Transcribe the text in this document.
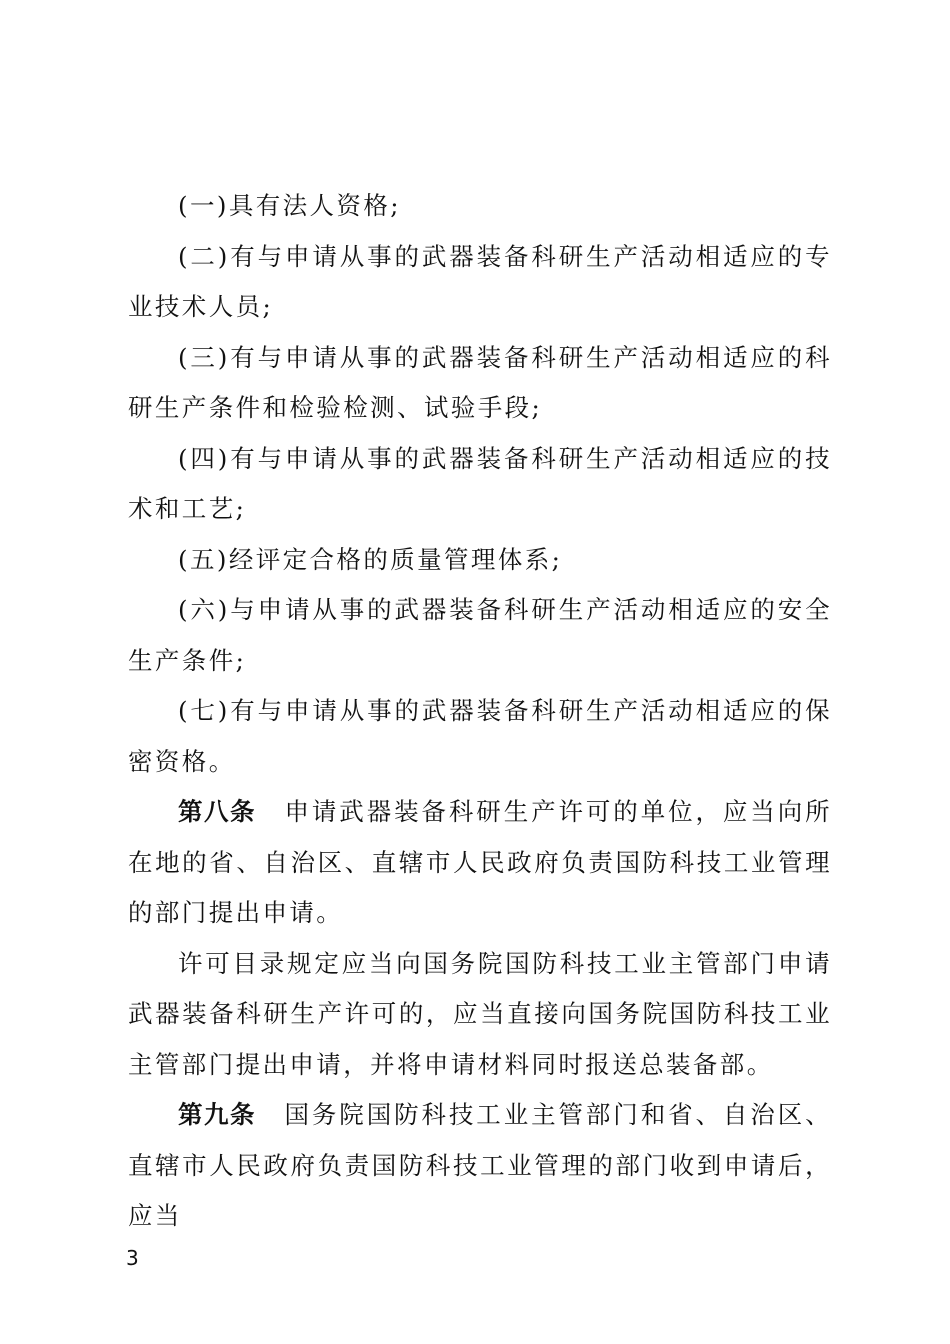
(一)具有法人资格;

(二)有与申请从事的武器装备科研生产活动相适应的专业技术人员;

(三)有与申请从事的武器装备科研生产活动相适应的科研生产条件和检验检测、试验手段;

(四)有与申请从事的武器装备科研生产活动相适应的技术和工艺;

(五)经评定合格的质量管理体系;

(六)与申请从事的武器装备科研生产活动相适应的安全生产条件;

(七)有与申请从事的武器装备科研生产活动相适应的保密资格。

第八条 申请武器装备科研生产许可的单位，应当向所在地的省、自治区、直辖市人民政府负责国防科技工业管理的部门提出申请。

许可目录规定应当向国务院国防科技工业主管部门申请武器装备科研生产许可的，应当直接向国务院国防科技工业主管部门提出申请，并将申请材料同时报送总装备部。

第九条 国务院国防科技工业主管部门和省、自治区、直辖市人民政府负责国防科技工业管理的部门收到申请后，应当

3
